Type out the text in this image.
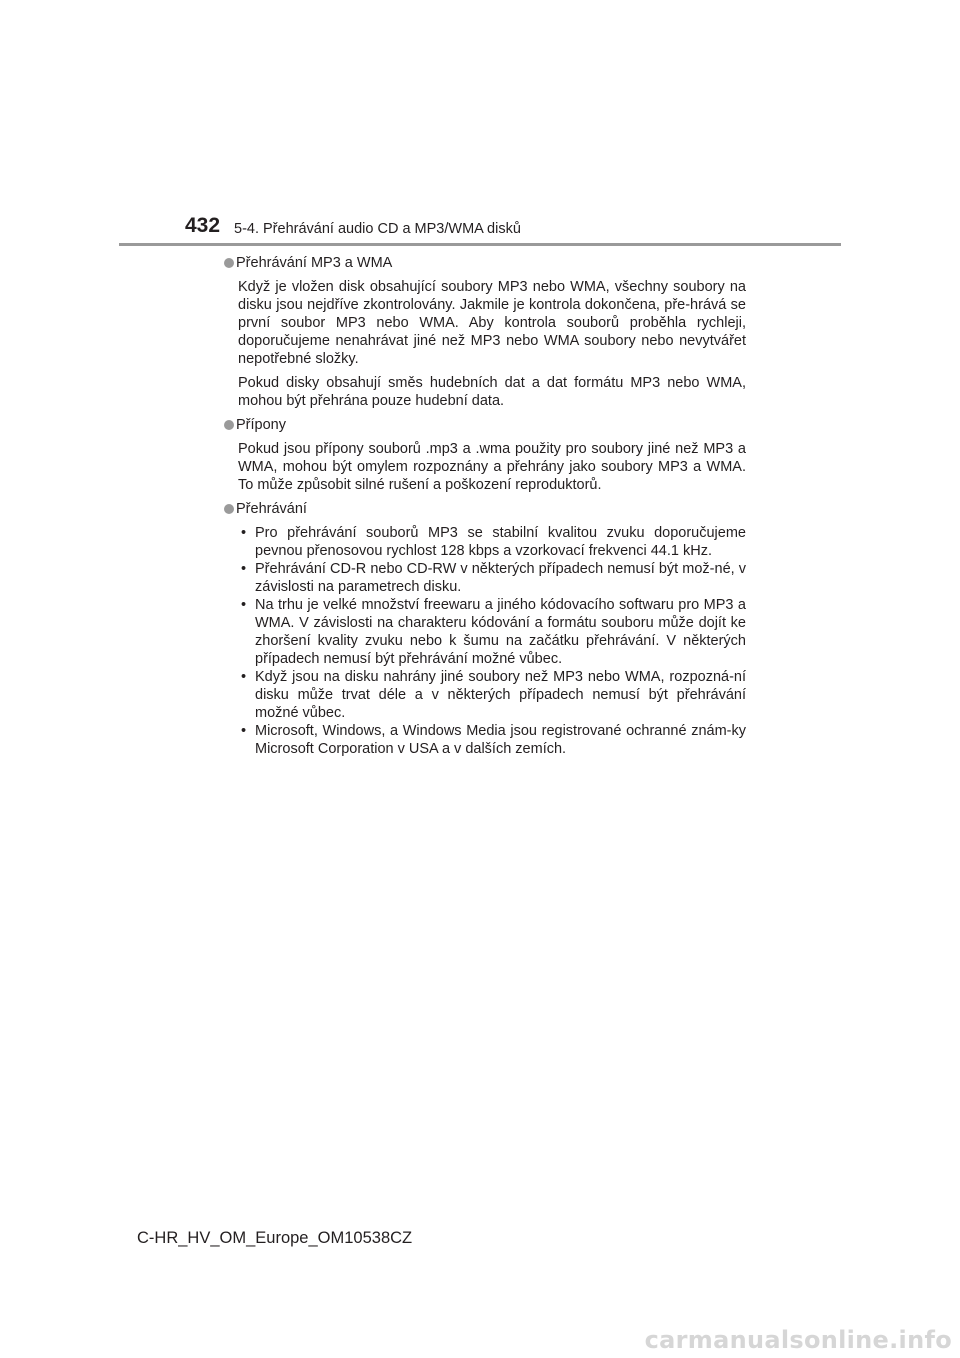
432 5-4. Přehrávání audio CD a MP3/WMA disků
Přehrávání MP3 a WMA

Když je vložen disk obsahující soubory MP3 nebo WMA, všechny soubory na disku jsou nejdříve zkontrolovány. Jakmile je kontrola dokončena, pře-hrává se první soubor MP3 nebo WMA. Aby kontrola souborů proběhla rychleji, doporučujeme nenahrávat jiné než MP3 nebo WMA soubory nebo nevytvářet nepotřebné složky.

Pokud disky obsahují směs hudebních dat a dat formátu MP3 nebo WMA, mohou být přehrána pouze hudební data.

Přípony

Pokud jsou přípony souborů .mp3 a .wma použity pro soubory jiné než MP3 a WMA, mohou být omylem rozpoznány a přehrány jako soubory MP3 a WMA. To může způsobit silné rušení a poškození reproduktorů.

Přehrávání
• Pro přehrávání souborů MP3 se stabilní kvalitou zvuku doporučujeme pevnou přenosovou rychlost 128 kbps a vzorkovací frekvenci 44.1 kHz.
• Přehrávání CD-R nebo CD-RW v některých případech nemusí být mož-né, v závislosti na parametrech disku.
• Na trhu je velké množství freewaru a jiného kódovacího softwaru pro MP3 a WMA. V závislosti na charakteru kódování a formátu souboru může dojít ke zhoršení kvality zvuku nebo k šumu na začátku přehrávání. V některých případech nemusí být přehrávání možné vůbec.
• Když jsou na disku nahrány jiné soubory než MP3 nebo WMA, rozpozná-ní disku může trvat déle a v některých případech nemusí být přehrávání možné vůbec.
• Microsoft, Windows, a Windows Media jsou registrované ochranné znám-ky Microsoft Corporation v USA a v dalších zemích.
C-HR_HV_OM_Europe_OM10538CZ
carmanualsonline.info
